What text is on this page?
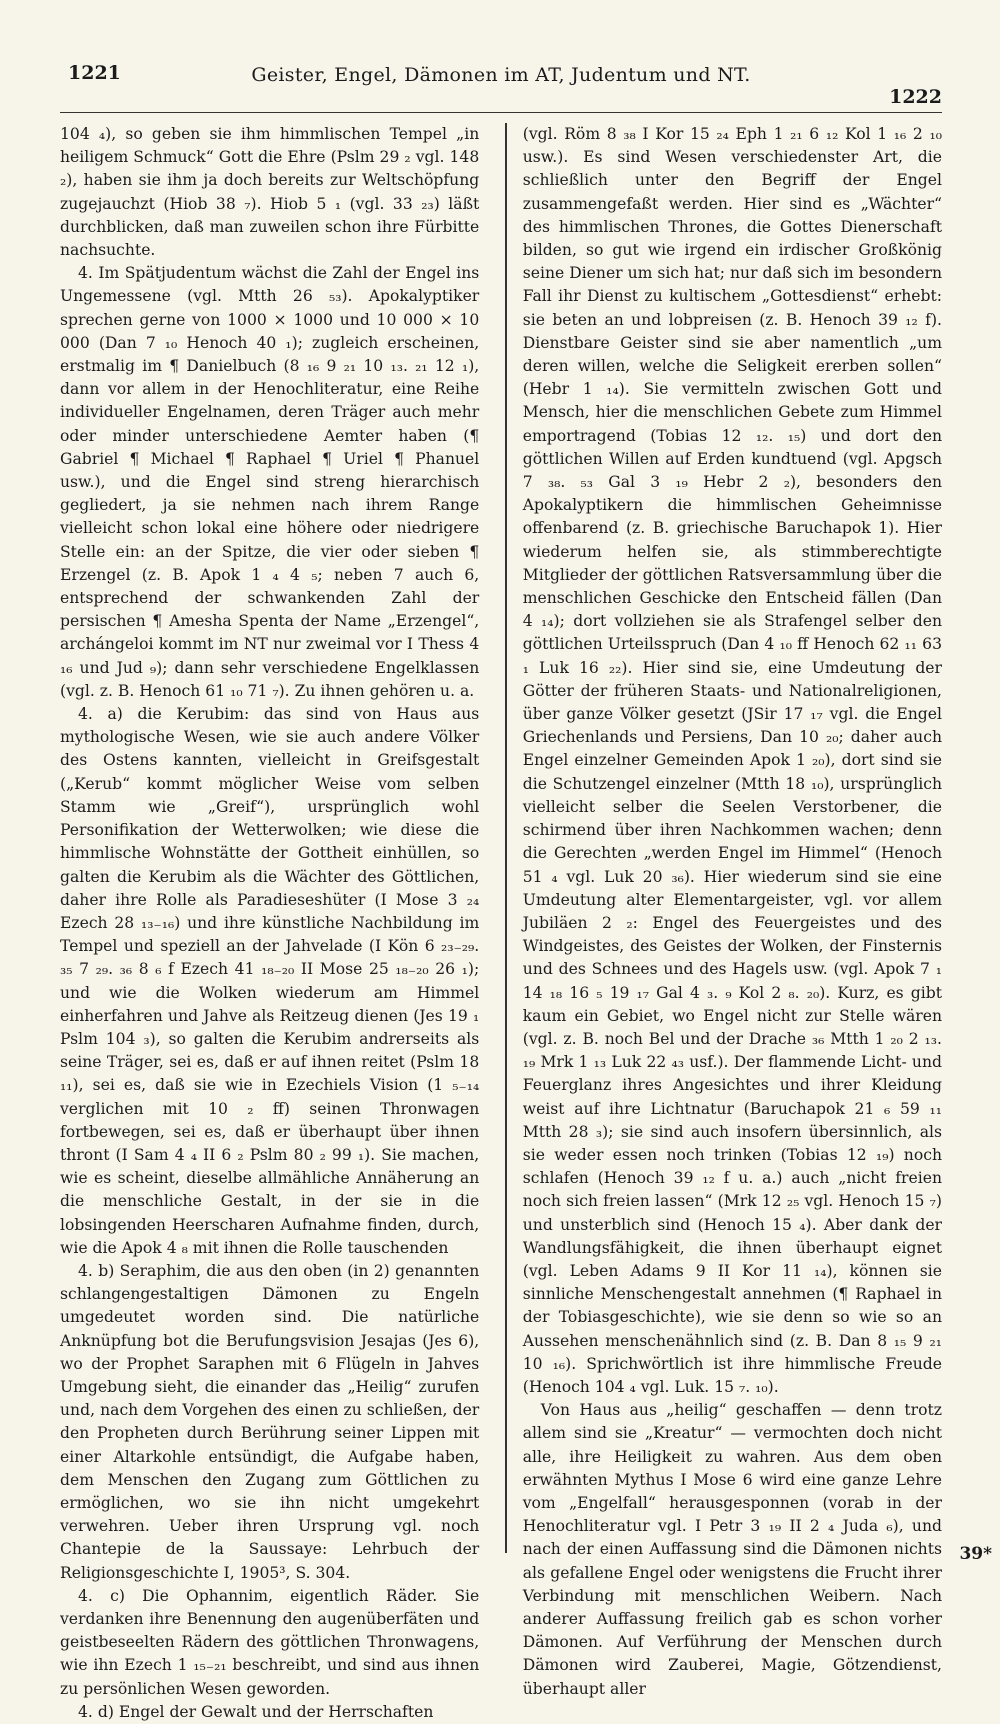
1221	Geister, Engel, Dämonen im AT, Judentum und NT.
1222

104 ₄), so geben sie ihm himmlischen Tempel „in heiligem Schmuck“ Gott die Ehre (Pslm 29 ₂ vgl. 148 ₂), haben sie ihm ja doch bereits zur Weltschöpfung zugejauchzt (Hiob 38 ₇). Hiob 5 ₁ (vgl. 33 ₂₃) läßt durchblicken, daß man zuweilen schon ihre Fürbitte nachsuchte.

4. Im Spätjudentum wächst die Zahl der Engel ins Ungemessene (vgl. Mtth 26 ₅₃). Apokalyptiker sprechen gerne von 1000 × 1000 und 10 000 × 10 000 (Dan 7 ₁₀ Henoch 40 ₁); zugleich erscheinen, erstmalig im ¶ Danielbuch (8 ₁₆ 9 ₂₁ 10 ₁₃. ₂₁ 12 ₁), dann vor allem in der Henochliteratur, eine Reihe individueller Engelnamen, deren Träger auch mehr oder minder unterschiedene Aemter haben (¶ Gabriel ¶ Michael ¶ Raphael ¶ Uriel ¶ Phanuel usw.), und die Engel sind streng hierarchisch gegliedert, ja sie nehmen nach ihrem Range vielleicht schon lokal eine höhere oder niedrigere Stelle ein: an der Spitze, die vier oder sieben ¶ Erzengel (z. B. Apok 1 ₄ 4 ₅; neben 7 auch 6, entsprechend der schwankenden Zahl der persischen ¶ Amesha Spenta der Name „Erzengel“, archángeloi kommt im NT nur zweimal vor I Thess 4 ₁₆ und Jud ₉); dann sehr verschiedene Engelklassen (vgl. z. B. Henoch 61 ₁₀ 71 ₇). Zu ihnen gehören u. a.

4. a) die Kerubim: das sind von Haus aus mythologische Wesen, wie sie auch andere Völker des Ostens kannten, vielleicht in Greifsgestalt („Kerub“ kommt möglicher Weise vom selben Stamm wie „Greif“), ursprünglich wohl Personifikation der Wetterwolken; wie diese die himmlische Wohnstätte der Gottheit einhüllen, so galten die Kerubim als die Wächter des Göttlichen, daher ihre Rolle als Paradieseshüter (I Mose 3 ₂₄ Ezech 28 ₁₃₋₁₆) und ihre künstliche Nachbildung im Tempel und speziell an der Jahvelade (I Kön 6 ₂₃₋₂₉. ₃₅ 7 ₂₉. ₃₆ 8 ₆ f Ezech 41 ₁₈₋₂₀ II Mose 25 ₁₈₋₂₀ 26 ₁); und wie die Wolken wiederum am Himmel einherfahren und Jahve als Reitzeug dienen (Jes 19 ₁ Pslm 104 ₃), so galten die Kerubim andrerseits als seine Träger, sei es, daß er auf ihnen reitet (Pslm 18 ₁₁), sei es, daß sie wie in Ezechiels Vision (1 ₅₋₁₄ verglichen mit 10 ₂ ff) seinen Thronwagen fortbewegen, sei es, daß er überhaupt über ihnen thront (I Sam 4 ₄ II 6 ₂ Pslm 80 ₂ 99 ₁). Sie machen, wie es scheint, dieselbe allmähliche Annäherung an die menschliche Gestalt, in der sie in die lobsingenden Heerscharen Aufnahme finden, durch, wie die Apok 4 ₈ mit ihnen die Rolle tauschenden

4. b) Seraphim, die aus den oben (in 2) genannten schlangengestaltigen Dämonen zu Engeln umgedeutet worden sind. Die natürliche Anknüpfung bot die Berufungsvision Jesajas (Jes 6), wo der Prophet Saraphen mit 6 Flügeln in Jahves Umgebung sieht, die einander das „Heilig“ zurufen und, nach dem Vorgehen des einen zu schließen, der den Propheten durch Berührung seiner Lippen mit einer Altarkohle entsündigt, die Aufgabe haben, dem Menschen den Zugang zum Göttlichen zu ermöglichen, wo sie ihn nicht umgekehrt verwehren. Ueber ihren Ursprung vgl. noch Chantepie de la Saussaye: Lehrbuch der Religionsgeschichte I, 1905³, S. 304.

4. c) Die Ophannim, eigentlich Räder. Sie verdanken ihre Benennung den augenüberfäten und geistbeseelten Rädern des göttlichen Thronwagens, wie ihn Ezech 1 ₁₅₋₂₁ beschreibt, und sind aus ihnen zu persönlichen Wesen geworden.

4. d) Engel der Gewalt und der Herrschaften

(vgl. Röm 8 ₃₈ I Kor 15 ₂₄ Eph 1 ₂₁ 6 ₁₂ Kol 1 ₁₆ 2 ₁₀ usw.). Es sind Wesen verschiedenster Art, die schließlich unter den Begriff der Engel zusammengefaßt werden. Hier sind es „Wächter“ des himmlischen Thrones, die Gottes Dienerschaft bilden, so gut wie irgend ein irdischer Großkönig seine Diener um sich hat; nur daß sich im besondern Fall ihr Dienst zu kultischem „Gottesdienst“ erhebt: sie beten an und lobpreisen (z. B. Henoch 39 ₁₂ f). Dienstbare Geister sind sie aber namentlich „um deren willen, welche die Seligkeit ererben sollen“ (Hebr 1 ₁₄). Sie vermitteln zwischen Gott und Mensch, hier die menschlichen Gebete zum Himmel emportragend (Tobias 12 ₁₂. ₁₅) und dort den göttlichen Willen auf Erden kundtuend (vgl. Apgsch 7 ₃₈. ₅₃ Gal 3 ₁₉ Hebr 2 ₂), besonders den Apokalyptikern die himmlischen Geheimnisse offenbarend (z. B. griechische Baruchapok 1). Hier wiederum helfen sie, als stimmberechtigte Mitglieder der göttlichen Ratsversammlung über die menschlichen Geschicke den Entscheid fällen (Dan 4 ₁₄); dort vollziehen sie als Strafengel selber den göttlichen Urteilsspruch (Dan 4 ₁₀ ff Henoch 62 ₁₁ 63 ₁ Luk 16 ₂₂). Hier sind sie, eine Umdeutung der Götter der früheren Staats- und Nationalreligionen, über ganze Völker gesetzt (JSir 17 ₁₇ vgl. die Engel Griechenlands und Persiens, Dan 10 ₂₀; daher auch Engel einzelner Gemeinden Apok 1 ₂₀), dort sind sie die Schutzengel einzelner (Mtth 18 ₁₀), ursprünglich vielleicht selber die Seelen Verstorbener, die schirmend über ihren Nachkommen wachen; denn die Gerechten „werden Engel im Himmel“ (Henoch 51 ₄ vgl. Luk 20 ₃₆). Hier wiederum sind sie eine Umdeutung alter Elementargeister, vgl. vor allem Jubiläen 2 ₂: Engel des Feuergeistes und des Windgeistes, des Geistes der Wolken, der Finsternis und des Schnees und des Hagels usw. (vgl. Apok 7 ₁ 14 ₁₈ 16 ₅ 19 ₁₇ Gal 4 ₃. ₉ Kol 2 ₈. ₂₀). Kurz, es gibt kaum ein Gebiet, wo Engel nicht zur Stelle wären (vgl. z. B. noch Bel und der Drache ₃₆ Mtth 1 ₂₀ 2 ₁₃. ₁₉ Mrk 1 ₁₃ Luk 22 ₄₃ usf.). Der flammende Licht- und Feuerglanz ihres Angesichtes und ihrer Kleidung weist auf ihre Lichtnatur (Baruchapok 21 ₆ 59 ₁₁ Mtth 28 ₃); sie sind auch insofern übersinnlich, als sie weder essen noch trinken (Tobias 12 ₁₉) noch schlafen (Henoch 39 ₁₂ f u. a.) auch „nicht freien noch sich freien lassen“ (Mrk 12 ₂₅ vgl. Henoch 15 ₇) und unsterblich sind (Henoch 15 ₄). Aber dank der Wandlungsfähigkeit, die ihnen überhaupt eignet (vgl. Leben Adams 9 II Kor 11 ₁₄), können sie sinnliche Menschengestalt annehmen (¶ Raphael in der Tobiasgeschichte), wie sie denn so wie so an Aussehen menschenähnlich sind (z. B. Dan 8 ₁₅ 9 ₂₁ 10 ₁₆). Sprichwörtlich ist ihre himmlische Freude (Henoch 104 ₄ vgl. Luk. 15 ₇. ₁₀).

Von Haus aus „heilig“ geschaffen — denn trotz allem sind sie „Kreatur“ — vermochten doch nicht alle, ihre Heiligkeit zu wahren. Aus dem oben erwähnten Mythus I Mose 6 wird eine ganze Lehre vom „Engelfall“ herausgesponnen (vorab in der Henochliteratur vgl. I Petr 3 ₁₉ II 2 ₄ Juda ₆), und nach der einen Auffassung sind die Dämonen nichts als gefallene Engel oder wenigstens die Frucht ihrer Verbindung mit menschlichen Weibern. Nach anderer Auffassung freilich gab es schon vorher Dämonen. Auf Verführung der Menschen durch Dämonen wird Zauberei, Magie, Götzendienst, überhaupt aller

39*
